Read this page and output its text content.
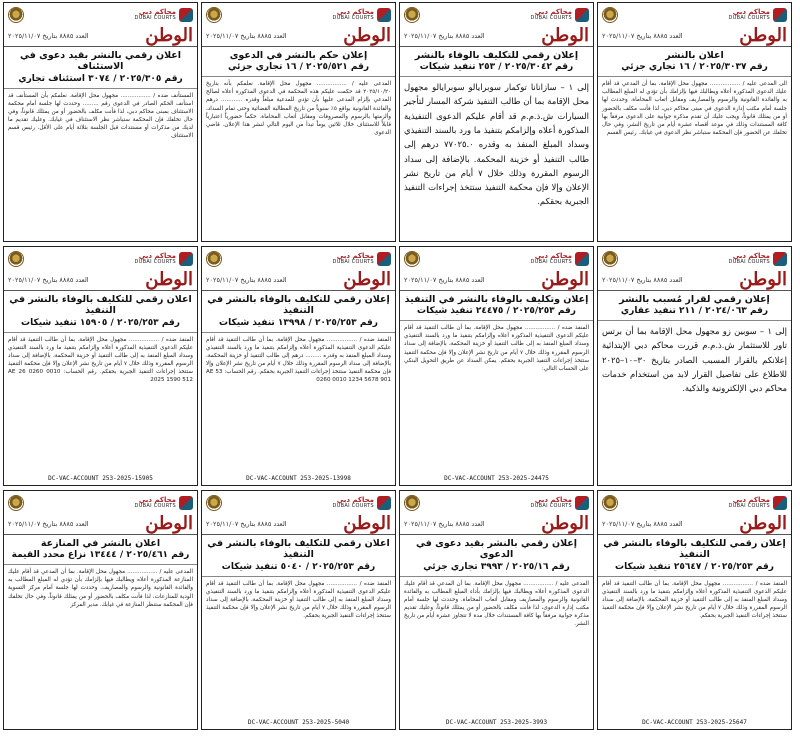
محاكم دبي
DUBAI COURTS
الوطن
العدد ٨٨٨٥ بتاريخ ٢٠٢٥/١١/٠٧
اعلان رقمي بالنشر بقيد دعوى في الاستئناف
رقم ٢٠٢٥/٣٠٥ / ٣٠٧٤ استئناف تجاري
المستأنف ضده / ................. مجهول محل الإقامة. نعلمكم بأن المستأنف قد استأنف الحكم الصادر في الدعوى رقم ......... وحددت لها جلسة أمام محكمة الاستئناف بمبنى محاكم دبي، لذا فأنت مكلف بالحضور أو من يمثلك قانوناً، وفي حال تخلفك فإن المحكمة ستباشر نظر الاستئناف في غيابك. وعليك تقديم ما لديك من مذكرات أو مستندات قبل الجلسة بثلاثة أيام على الأقل. رئيس قسم الاستئناف
محاكم دبي
DUBAI COURTS
الوطن
العدد ٨٨٨٥ بتاريخ ٢٠٢٥/١١/٠٧
إعلان حكم بالنشر في الدعوى
رقم ٢٠٢٥/٥٢١ / ١٦ تجاري جزئي
المدعى عليه / ................. مجهول محل الإقامة. نعلمكم بأنه بتاريخ ٢٠٢٥/١٠/٢٠ قد حكمت عليكم هذه المحكمة في الدعوى المذكورة أعلاه لصالح المدعي بإلزام المدعى عليها بأن تؤدي للمدعية مبلغاً وقدره ............ درهم والفائدة القانونية بواقع ٥٪ سنوياً من تاريخ المطالبة القضائية وحتى تمام السداد، وألزمتها بالرسوم والمصروفات ومقابل أتعاب المحاماة. حكماً حضورياً اعتبارياً قابلاً للاستئناف خلال ثلاثين يوماً تبدأ من اليوم التالي لنشر هذا الإعلان. قاضي الدعوى
محاكم دبي
DUBAI COURTS
الوطن
العدد ٨٨٨٥ بتاريخ ٢٠٢٥/١١/٠٧
إعلان رقمي للتكليف بالوفاء بالنشر
رقم ٢٠٢٥/٣٠٤٢ / ٢٥٣ تنفيذ شيكات
إلى ١ – سازانانا توكمار سوبرايالو سوبرايالو مجهول محل الإقامة بما أن طالب التنفيذ شركة المسار لتأجير السيارات ش.ذ.م.م قد أقام عليكم الدعوى التنفيذية المذكورة أعلاه وإلزامكم بتنفيذ ما ورد بالسند التنفيذي وسداد المبلغ المنفذ به وقدره ٧٧٠٢٥.٠ درهم إلى طالب التنفيذ أو خزينة المحكمة. بالإضافة إلى سداد الرسوم المقررة وذلك خلال ٧ أيام من تاريخ نشر الإعلان وإلا فإن محكمة التنفيذ ستتخذ إجراءات التنفيذ الجبرية بحقكم.
محاكم دبي
DUBAI COURTS
الوطن
العدد ٨٨٨٥ بتاريخ ٢٠٢٥/١١/٠٧
اعلان بالنشر
رقم ٢٠٢٥/٣٠٣٧ / ١٦ تجاري جزئي
الى المدعى عليه / ................. مجهول محل الإقامة، بما أن المدعي قد أقام عليك الدعوى المذكورة أعلاه ويطالبك فيها بإلزامك بأن تؤدي له المبلغ المطالب به والفائدة القانونية والرسوم والمصاريف ومقابل أتعاب المحاماة. وحددت لها جلسة أمام مكتب إدارة الدعوى في مبنى محاكم دبي، لذا فأنت مكلف بالحضور أو من يمثلك قانوناً، ويجب عليك أن تقدم مذكرة جوابية على الدعوى مرفقاً بها كافة المستندات وذلك في موعد أقصاه عشرة أيام من تاريخ النشر، وفي حال تخلفك عن الحضور فإن المحكمة ستباشر نظر الدعوى في غيابك. رئيس القسم
محاكم دبي
DUBAI COURTS
الوطن
العدد ٨٨٨٥ بتاريخ ٢٠٢٥/١١/٠٧
اعلان رقمي للتكليف بالوفاء بالنشر في التنفيذ
رقم ٢٠٢٥/٢٥٣ / ١٥٩٠٥ تنفيذ شيكات
المنفذ ضده / ................. مجهول محل الإقامة. بما أن طالب التنفيذ قد أقام عليكم الدعوى التنفيذية المذكورة أعلاه وإلزامكم بتنفيذ ما ورد بالسند التنفيذي وسداد المبلغ المنفذ به إلى طالب التنفيذ أو خزينة المحكمة، بالإضافة إلى سداد الرسوم المقررة وذلك خلال ٧ أيام من تاريخ نشر الإعلان وإلا فإن محكمة التنفيذ ستتخذ إجراءات التنفيذ الجبرية بحقكم. رقم الحساب: AE 26 0260 0010 2025 1590 512
DC-VAC-ACCOUNT 253-2025-15905
محاكم دبي
DUBAI COURTS
الوطن
العدد ٨٨٨٥ بتاريخ ٢٠٢٥/١١/٠٧
إعلان رقمي للتكليف بالوفاء بالنشر في التنفيذ
رقم ٢٠٢٥/٢٥٣ / ١٣٩٩٨ تنفيذ شيكات
المنفذ ضده / ................. مجهول محل الإقامة. بما أن طالب التنفيذ قد أقام عليكم الدعوى التنفيذية المذكورة أعلاه وإلزامكم بتنفيذ ما ورد بالسند التنفيذي وسداد المبلغ المنفذ به وقدره ......... درهم إلى طالب التنفيذ أو خزينة المحكمة، بالإضافة إلى سداد الرسوم المقررة وذلك خلال ٧ أيام من تاريخ نشر الإعلان وإلا فإن محكمة التنفيذ ستتخذ إجراءات التنفيذ الجبرية بحقكم. رقم الحساب: AE 53 0260 0010 1234 5678 901
DC-VAC-ACCOUNT 253-2025-13998
محاكم دبي
DUBAI COURTS
الوطن
العدد ٨٨٨٥ بتاريخ ٢٠٢٥/١١/٠٧
إعلان وتكليف بالوفاء بالنشر في التنفيذ
رقم ٢٠٢٥/٢٥٣ / ٢٤٤٧٥ تنفيذ شيكات
المنفذ ضده / ................. مجهول محل الإقامة. بما أن طالب التنفيذ قد أقام عليكم الدعوى التنفيذية المذكورة أعلاه وإلزامكم بتنفيذ ما ورد بالسند التنفيذي وسداد المبلغ المنفذ به إلى طالب التنفيذ أو خزينة المحكمة، بالإضافة إلى سداد الرسوم المقررة وذلك خلال ٧ أيام من تاريخ نشر الإعلان وإلا فإن محكمة التنفيذ ستتخذ إجراءات التنفيذ الجبرية بحقكم. يمكن السداد عن طريق التحويل البنكي على الحساب التالي:
DC-VAC-ACCOUNT 253-2025-24475
محاكم دبي
DUBAI COURTS
الوطن
العدد ٨٨٨٥ بتاريخ ٢٠٢٥/١١/٠٧
إعلان رقمي لقرار مُسبب بالنشر
رقم ٢٠٢٤/٠٦٣ / ٢١١ تنفيذ عقاري
إلى ١ – سوبين زو مجهول محل الإقامة بما أن برتس تاور للاستثمار ش.ذ.م.م قررت محاكم دبي الإبتدائية إعلانكم بالقرار المسبب الصادر بتاريخ ٣٠–١٠–٢٠٢٥ للاطلاع على تفاصيل القرار لابد من استخدام خدمات محاكم دبي الإلكترونية والذكية.
محاكم دبي
DUBAI COURTS
الوطن
العدد ٨٨٨٥ بتاريخ ٢٠٢٥/١١/٠٧
اعلان بالنشر في المنازعة
رقم ٢٠٢٥/٤٦١ / ١٣٤٤٤ نزاع محدد القيمة
المدعى عليه / ................. مجهول محل الإقامة. بما أن المدعي قد أقام عليك المنازعة المذكورة أعلاه ويطالبك فيها بإلزامك بأن تؤدي له المبلغ المطالب به والفائدة القانونية والرسوم والمصاريف. وحددت لها جلسة أمام مركز التسوية الودية للمنازعات، لذا فأنت مكلف بالحضور أو من يمثلك قانوناً، وفي حال تخلفك فإن المحكمة ستنظر المنازعة في غيابك. مدير المركز
محاكم دبي
DUBAI COURTS
الوطن
العدد ٨٨٨٥ بتاريخ ٢٠٢٥/١١/٠٧
اعلان رقمي للتكليف بالوفاء بالنشر في التنفيذ
رقم ٢٠٢٥/٢٥٣ / ٥٠٤٠ تنفيذ شيكات
المنفذ ضده / ................. مجهول محل الإقامة. بما أن طالب التنفيذ قد أقام عليكم الدعوى التنفيذية المذكورة أعلاه وإلزامكم بتنفيذ ما ورد بالسند التنفيذي وسداد المبلغ المنفذ به إلى طالب التنفيذ أو خزينة المحكمة، بالإضافة إلى سداد الرسوم المقررة وذلك خلال ٧ أيام من تاريخ نشر الإعلان وإلا فإن محكمة التنفيذ ستتخذ إجراءات التنفيذ الجبرية بحقكم.
DC-VAC-ACCOUNT 253-2025-5040
محاكم دبي
DUBAI COURTS
الوطن
العدد ٨٨٨٥ بتاريخ ٢٠٢٥/١١/٠٧
إعلان رقمي بالنشر بقيد دعوى في الدعوى
رقم ٢٠٢٥/١٦ / ٣٩٩٣ تجاري جزئي
المدعى عليه / ................. مجهول محل الإقامة. بما أن المدعي قد أقام عليك الدعوى المذكورة أعلاه ويطالبك فيها بإلزامك بأداء المبلغ المطالب به والفائدة القانونية والرسوم والمصاريف ومقابل أتعاب المحاماة. وحددت لها جلسة أمام مكتب إدارة الدعوى، لذا فأنت مكلف بالحضور أو من يمثلك قانوناً، وعليك تقديم مذكرة جوابية مرفقاً بها كافة المستندات خلال مدة لا تتجاوز عشرة أيام من تاريخ النشر.
DC-VAC-ACCOUNT 253-2025-3993
محاكم دبي
DUBAI COURTS
الوطن
العدد ٨٨٨٥ بتاريخ ٢٠٢٥/١١/٠٧
إعلان رقمي للتكليف بالوفاء بالنشر في التنفيذ
رقم ٢٠٢٥/٢٥٣ / ٢٥٦٤٧ تنفيذ شيكات
المنفذ ضده / ................. مجهول محل الإقامة. بما أن طالب التنفيذ قد أقام عليكم الدعوى التنفيذية المذكورة أعلاه وإلزامكم بتنفيذ ما ورد بالسند التنفيذي وسداد المبلغ المنفذ به إلى طالب التنفيذ أو خزينة المحكمة، بالإضافة إلى سداد الرسوم المقررة وذلك خلال ٧ أيام من تاريخ نشر الإعلان وإلا فإن محكمة التنفيذ ستتخذ إجراءات التنفيذ الجبرية بحقكم.
DC-VAC-ACCOUNT 253-2025-25647
